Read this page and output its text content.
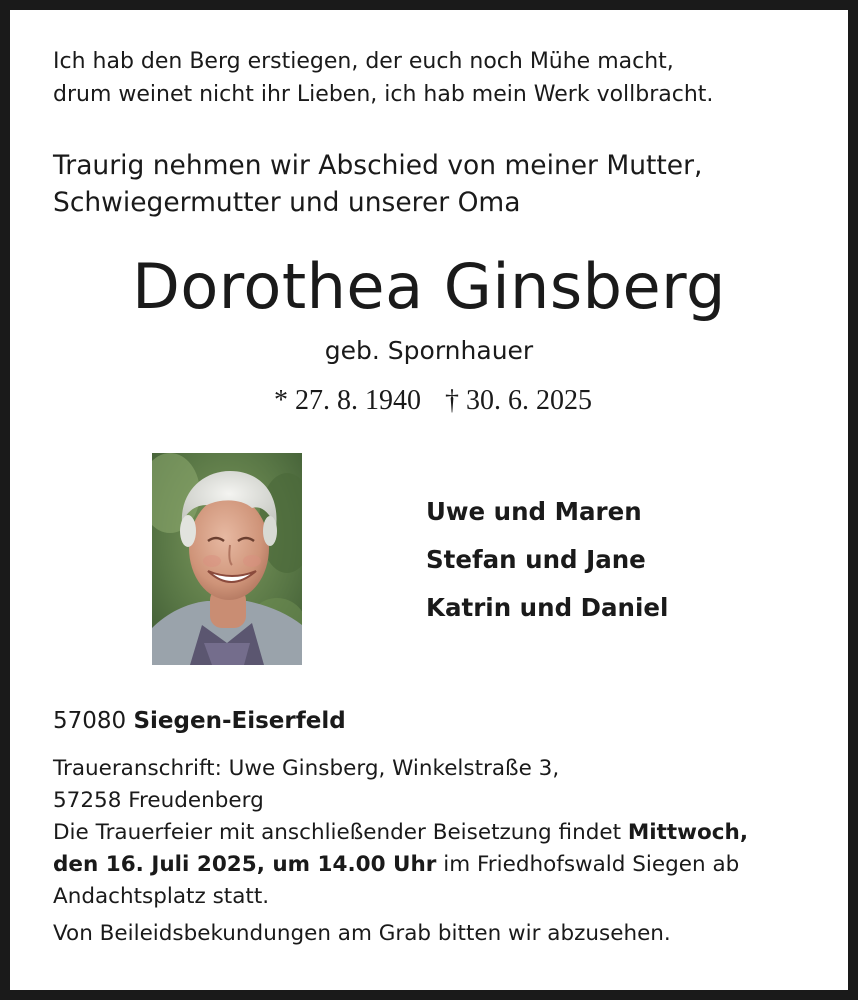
Ich hab den Berg erstiegen, der euch noch Mühe macht,
drum weinet nicht ihr Lieben, ich hab mein Werk vollbracht.
Traurig nehmen wir Abschied von meiner Mutter,
Schwiegermutter und unserer Oma
Dorothea Ginsberg
geb. Spornhauer
* 27. 8. 1940 † 30. 6. 2025
Uwe und Maren
Stefan und Jane
Katrin und Daniel
57080 Siegen-Eiserfeld
Traueranschrift: Uwe Ginsberg, Winkelstraße 3,
57258 Freudenberg
Die Trauerfeier mit anschließender Beisetzung findet Mittwoch,
den 16. Juli 2025, um 14.00 Uhr im Friedhofswald Siegen ab
Andachtsplatz statt.
Von Beileidsbekundungen am Grab bitten wir abzusehen.
